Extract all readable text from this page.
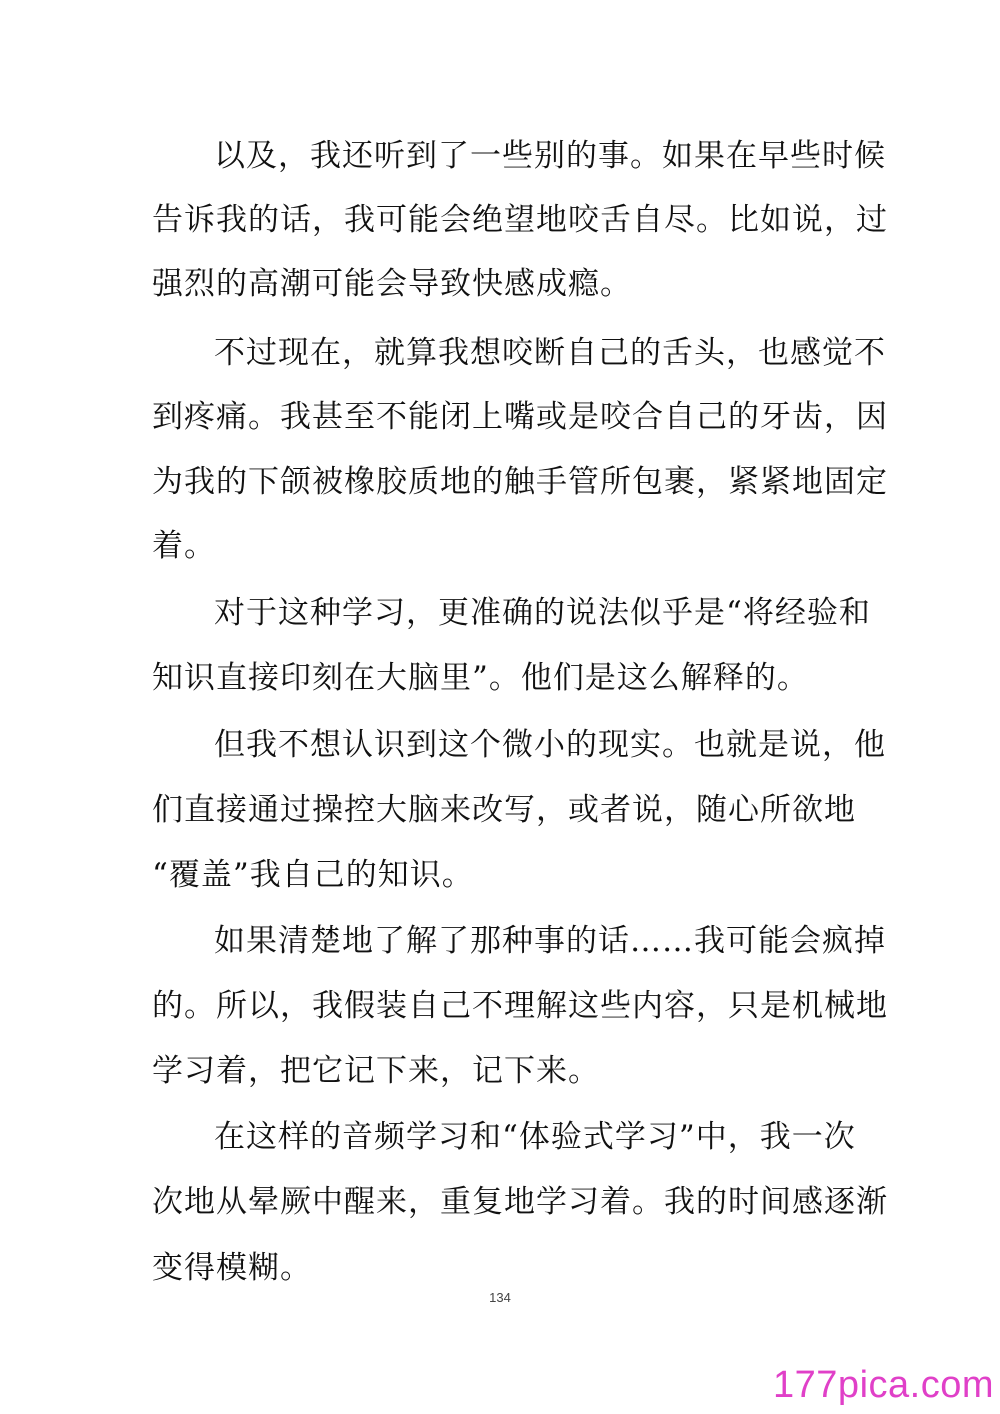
以及，我还听到了一些别的事。如果在早些时候
告诉我的话，我可能会绝望地咬舌自尽。比如说，过
强烈的高潮可能会导致快感成瘾。
不过现在，就算我想咬断自己的舌头，也感觉不
到疼痛。我甚至不能闭上嘴或是咬合自己的牙齿，因
为我的下颌被橡胶质地的触手管所包裹，紧紧地固定
着。
对于这种学习，更准确的说法似乎是“将经验和
知识直接印刻在大脑里”。他们是这么解释的。
但我不想认识到这个微小的现实。也就是说，他
们直接通过操控大脑来改写，或者说，随心所欲地
“覆盖”我自己的知识。
如果清楚地了解了那种事的话……我可能会疯掉
的。所以，我假装自己不理解这些内容，只是机械地
学习着，把它记下来，记下来。
在这样的音频学习和“体验式学习”中，我一次
次地从晕厥中醒来，重复地学习着。我的时间感逐渐
变得模糊。
134
177pica.com
